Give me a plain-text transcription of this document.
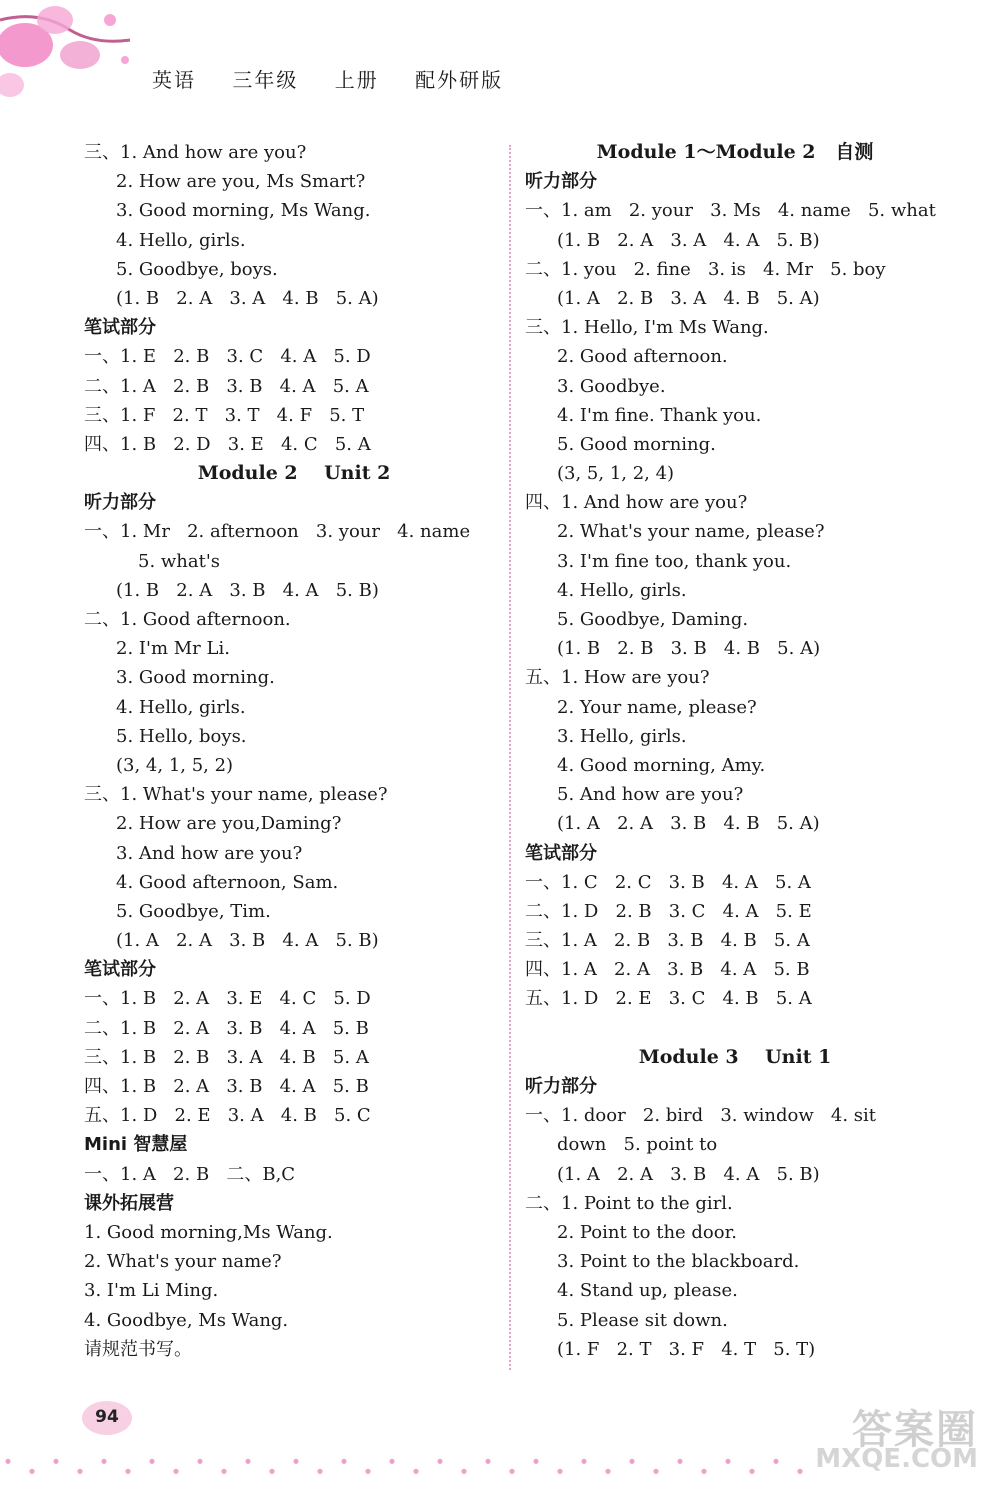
英语 三年级 上册 配外研版
三、1. And how are you?
2. How are you, Ms Smart?
3. Good morning, Ms Wang.
4. Hello, girls.
5. Goodbye, boys.
(1. B   2. A   3. A   4. B   5. A)
笔试部分
一、1. E   2. B   3. C   4. A   5. D
二、1. A   2. B   3. B   4. A   5. A
三、1. F   2. T   3. T   4. F   5. T
四、1. B   2. D   3. E   4. C   5. A
Module 2    Unit 2
听力部分
一、1. Mr   2. afternoon   3. your   4. name
5. what's
(1. B   2. A   3. B   4. A   5. B)
二、1. Good afternoon.
2. I'm Mr Li.
3. Good morning.
4. Hello, girls.
5. Hello, boys.
(3, 4, 1, 5, 2)
三、1. What's your name, please?
2. How are you,Daming?
3. And how are you?
4. Good afternoon, Sam.
5. Goodbye, Tim.
(1. A   2. A   3. B   4. A   5. B)
笔试部分
一、1. B   2. A   3. E   4. C   5. D
二、1. B   2. A   3. B   4. A   5. B
三、1. B   2. B   3. A   4. B   5. A
四、1. B   2. A   3. B   4. A   5. B
五、1. D   2. E   3. A   4. B   5. C
Mini 智慧屋
一、1. A   2. B   二、B,C
课外拓展营
1. Good morning,Ms Wang.
2. What's your name?
3. I'm Li Ming.
4. Goodbye, Ms Wang.
请规范书写。
Module 1～Module 2   自测
听力部分
一、1. am   2. your   3. Ms   4. name   5. what
(1. B   2. A   3. A   4. A   5. B)
二、1. you   2. fine   3. is   4. Mr   5. boy
(1. A   2. B   3. A   4. B   5. A)
三、1. Hello, I'm Ms Wang.
2. Good afternoon.
3. Goodbye.
4. I'm fine. Thank you.
5. Good morning.
(3, 5, 1, 2, 4)
四、1. And how are you?
2. What's your name, please?
3. I'm fine too, thank you.
4. Hello, girls.
5. Goodbye, Daming.
(1. B   2. B   3. B   4. B   5. A)
五、1. How are you?
2. Your name, please?
3. Hello, girls.
4. Good morning, Amy.
5. And how are you?
(1. A   2. A   3. B   4. B   5. A)
笔试部分
一、1. C   2. C   3. B   4. A   5. A
二、1. D   2. B   3. C   4. A   5. E
三、1. A   2. B   3. B   4. B   5. A
四、1. A   2. A   3. B   4. A   5. B
五、1. D   2. E   3. C   4. B   5. A
Module 3    Unit 1
听力部分
一、1. door   2. bird   3. window   4. sit
down   5. point to
(1. A   2. A   3. B   4. A   5. B)
二、1. Point to the girl.
2. Point to the door.
3. Point to the blackboard.
4. Stand up, please.
5. Please sit down.
(1. F   2. T   3. F   4. T   5. T)
94	答案圈
MXQE.COM
